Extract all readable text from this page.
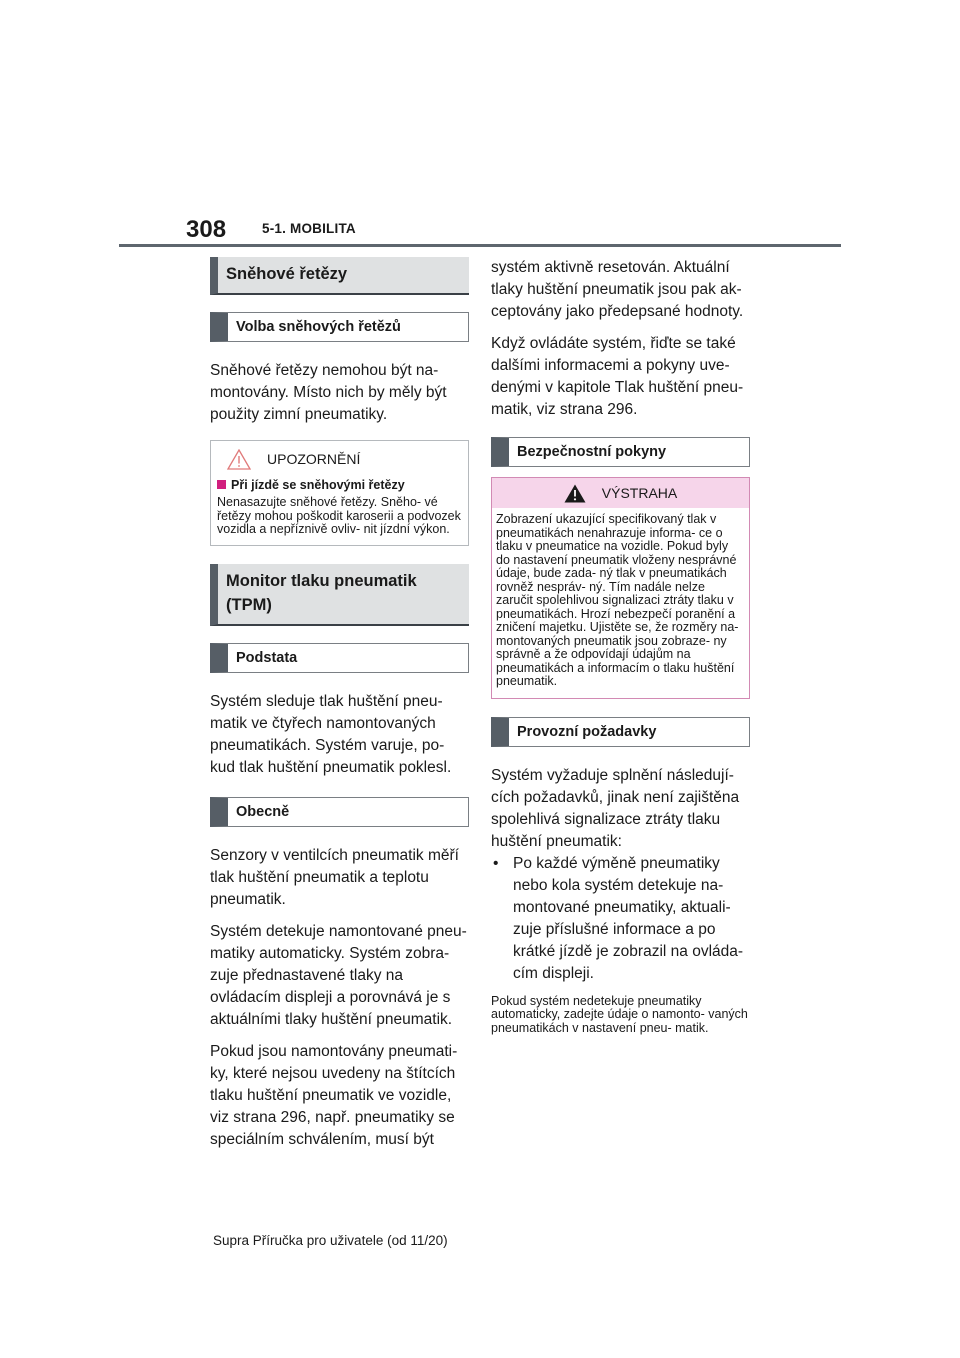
308	5-1. MOBILITA
Sněhové řetězy
Volba sněhových řetězů

Sněhové řetězy nemohou být na- montovány. Místo nich by měly být použity zimní pneumatiky.

UPOZORNĚNÍ
Při jízdě se sněhovými řetězy

Nenasazujte sněhové řetězy. Sněho- vé řetězy mohou poškodit karoserii a podvozek vozidla a nepříznivě ovliv- nit jízdní výkon.

Monitor tlaku pneumatik (TPM)
Podstata

Systém sleduje tlak huštění pneu- matik ve čtyřech namontovaných pneumatikách. Systém varuje, po- kud tlak huštění pneumatik poklesl.

Obecně

Senzory v ventilcích pneumatik měří tlak huštění pneumatik a teplotu pneumatik.

Systém detekuje namontované pneu- matiky automaticky. Systém zobra- zuje přednastavené tlaky na ovládacím displeji a porovnává je s aktuálními tlaky huštění pneumatik.

Pokud jsou namontovány pneumati- ky, které nejsou uvedeny na štítcích tlaku huštění pneumatik ve vozidle, viz strana 296, např. pneumatiky se speciálním schválením, musí být

systém aktivně resetován. Aktuální tlaky huštění pneumatik jsou pak ak- ceptovány jako předepsané hodnoty.

Když ovládáte systém, řiďte se také dalšími informacemi a pokyny uve- denými v kapitole Tlak huštění pneu- matik, viz strana 296.

Bezpečnostní pokyny
VÝSTRAHA

Zobrazení ukazující specifikovaný tlak v pneumatikách nenahrazuje informa- ce o tlaku v pneumatice na vozidle. Pokud byly do nastavení pneumatik vloženy nesprávné údaje, bude zada- ný tlak v pneumatikách rovněž nespráv- ný. Tím nadále nelze zaručit spolehlivou signalizaci ztráty tlaku v pneumatikách. Hrozí nebezpečí poranění a zničení majetku. Ujistěte se, že rozměry na- montovaných pneumatik jsou zobraze- ny správně a že odpovídají údajům na pneumatikách a informacím o tlaku huštění pneumatik.

Provozní požadavky

Systém vyžaduje splnění následují- cích požadavků, jinak není zajištěna spolehlivá signalizace ztráty tlaku huštění pneumatik:

• Po každé výměně pneumatiky nebo kola systém detekuje na- montované pneumatiky, aktuali- zuje příslušné informace a po krátké jízdě je zobrazil na ovláda- cím displeji.

Pokud systém nedetekuje pneumatiky automaticky, zadejte údaje o namonto- vaných pneumatikách v nastavení pneu- matik.

Supra Příručka pro uživatele (od 11/20)
